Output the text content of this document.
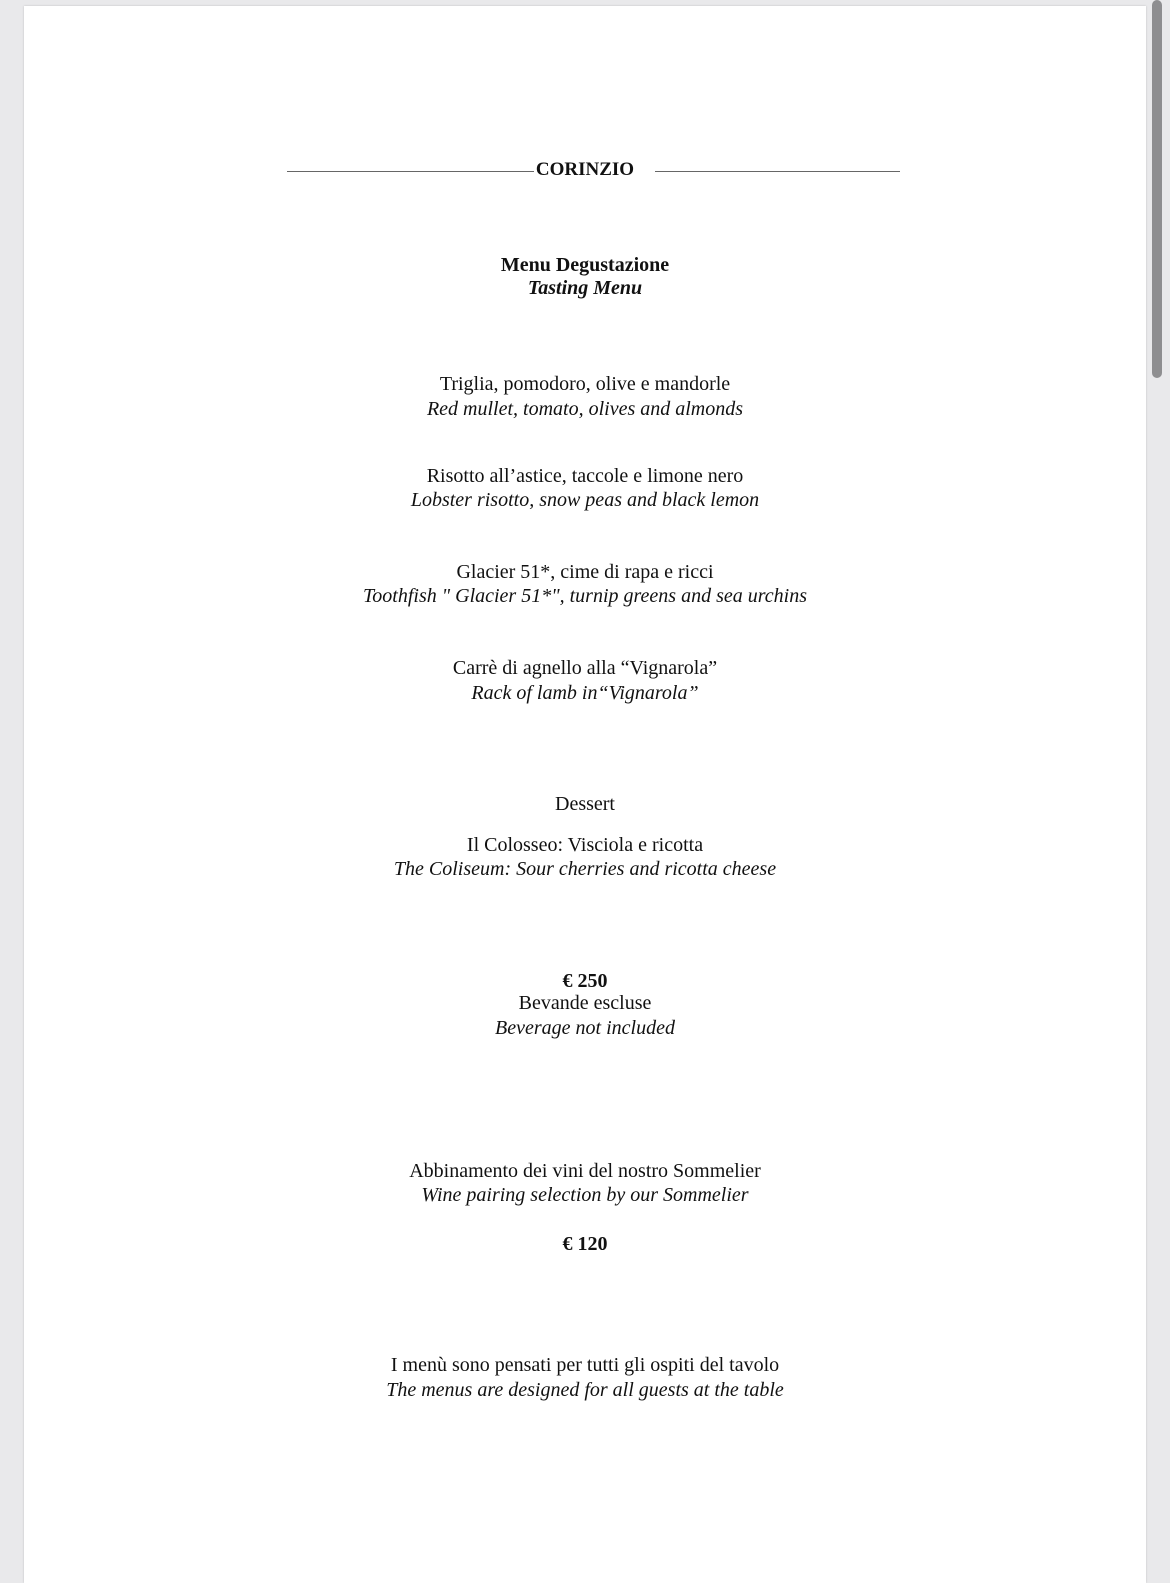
CORINZIO
Menu Degustazione
Tasting Menu
Triglia, pomodoro, olive e mandorle
Red mullet, tomato, olives and almonds
Risotto all’astice, taccole e limone nero
Lobster risotto, snow peas and black lemon
Glacier 51*, cime di rapa e ricci
Toothfish " Glacier 51*", turnip greens and sea urchins
Carrè di agnello alla “Vignarola”
Rack of lamb in“Vignarola”
Dessert
Il Colosseo: Visciola e ricotta
The Coliseum: Sour cherries and ricotta cheese
€ 250
Bevande escluse
Beverage not included
Abbinamento dei vini del nostro Sommelier
Wine pairing selection by our Sommelier
€ 120
I menù sono pensati per tutti gli ospiti del tavolo
The menus are designed for all guests at the table
